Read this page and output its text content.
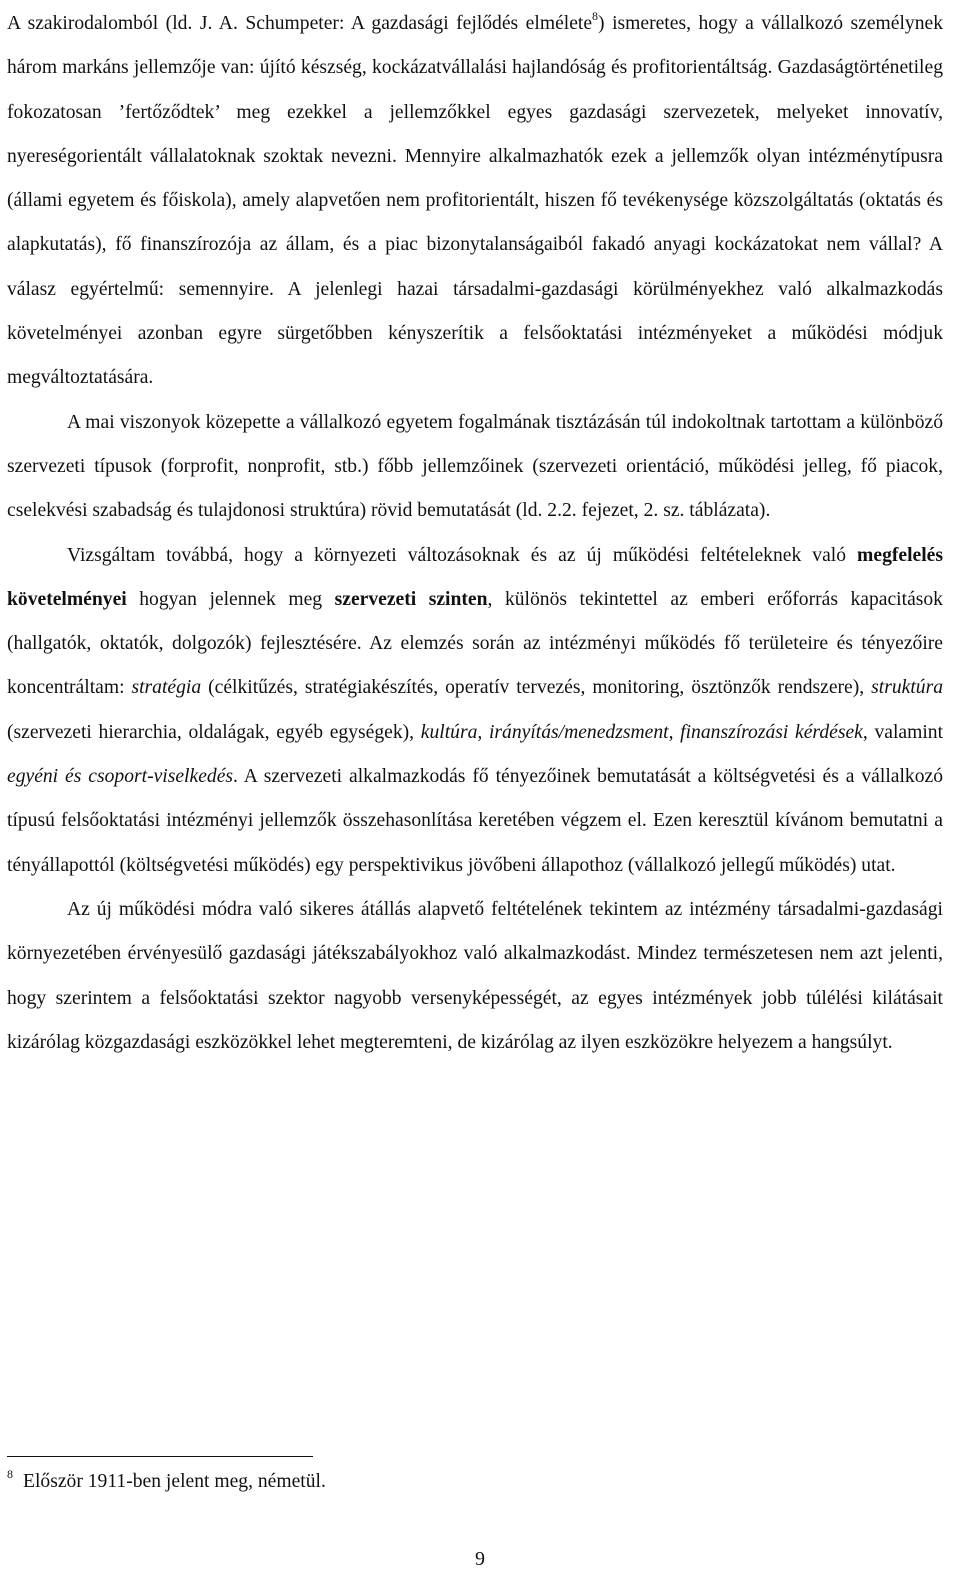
A szakirodalomból (ld. J. A. Schumpeter: A gazdasági fejlődés elmélete$^8$) ismeretes, hogy a vállalkozó személynek három markáns jellemzője van: újító készség, kockázatvállalási hajlandóság és profitorientáltság. Gazdaságtörténetileg fokozatosan ’fertőződtek’ meg ezekkel a jellemzőkkel egyes gazdasági szervezetek, melyeket innovatív, nyereségorientált vállalatoknak szoktak nevezni. Mennyire alkalmazhatók ezek a jellemzők olyan intézménytípusra (állami egyetem és főiskola), amely alapvetően nem profitorientált, hiszen fő tevékenysége közszolgáltatás (oktatás és alapkutatás), fő finanszírozója az állam, és a piac bizonytalanságaiból fakadó anyagi kockázatokat nem vállal? A válasz egyértelmű: semennyire. A jelenlegi hazai társadalmi-gazdasági körülményekhez való alkalmazkodás követelményei azonban egyre sürgetőbben kényszerítik a felsőoktatási intézményeket a működési módjuk megváltoztatására.

A mai viszonyok közepette a vállalkozó egyetem fogalmának tisztázásán túl indokoltnak tartottam a különböző szervezeti típusok (forprofit, nonprofit, stb.) főbb jellemzőinek (szervezeti orientáció, működési jelleg, fő piacok, cselekvési szabadság és tulajdonosi struktúra) rövid bemutatását (ld. 2.2. fejezet, 2. sz. táblázata).

Vizsgáltam továbbá, hogy a környezeti változásoknak és az új működési feltételeknek való megfelelés követelményei hogyan jelennek meg szervezeti szinten, különös tekintettel az emberi erőforrás kapacitások (hallgatók, oktatók, dolgozók) fejlesztésére. Az elemzés során az intézményi működés fő területeire és tényezőire koncentráltam: stratégia (célkitűzés, stratégiakészítés, operatív tervezés, monitoring, ösztönzők rendszere), struktúra (szervezeti hierarchia, oldalágak, egyéb egységek), kultúra, irányítás/menedzsment, finanszírozási kérdések, valamint egyéni és csoport-viselkedés. A szervezeti alkalmazkodás fő tényezőinek bemutatását a költségvetési és a vállalkozó típusú felsőoktatási intézményi jellemzők összehasonlítása keretében végzem el. Ezen keresztül kívánom bemutatni a tényállapottól (költségvetési működés) egy perspektivikus jövőbeni állapothoz (vállalkozó jellegű működés) utat.

Az új működési módra való sikeres átállás alapvető feltételének tekintem az intézmény társadalmi-gazdasági környezetében érvényesülő gazdasági játékszabályokhoz való alkalmazkodást. Mindez természetesen nem azt jelenti, hogy szerintem a felsőoktatási szektor nagyobb versenyképességét, az egyes intézmények jobb túlélési kilátásait kizárólag közgazdasági eszközökkel lehet megteremteni, de kizárólag az ilyen eszközökre helyezem a hangsúlyt.

$^8$ Először 1911-ben jelent meg, németül.
9
